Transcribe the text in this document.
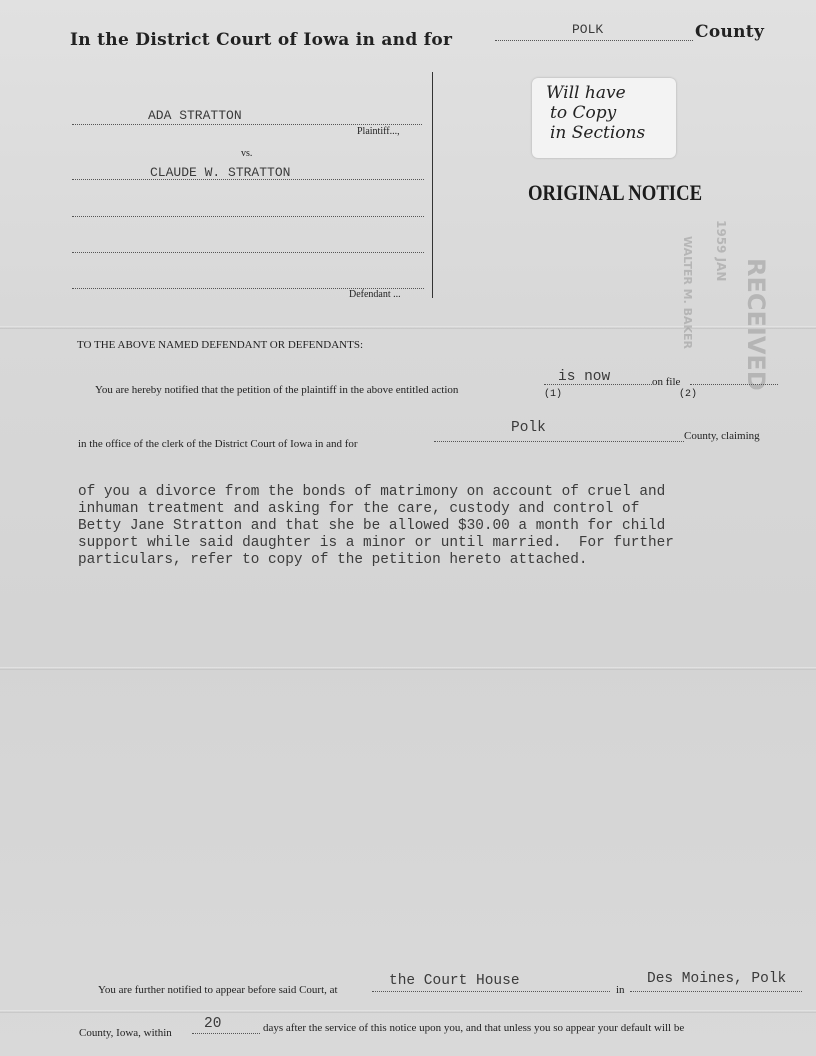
In the District Court of Iowa in and for
POLK	County
ADA STRATTON
Plaintiff...,
vs.
CLAUDE W. STRATTON
Defendant ...
Will have
to Copy
in Sections
ORIGINAL NOTICE
RECEIVED
1959 JAN
WALTER M. BAKER
TO THE ABOVE NAMED DEFENDANT OR DEFENDANTS:
You are hereby notified that the petition of the plaintiff in the above entitled action
is now
(1)
on file
(2)
in the office of the clerk of the District Court of Iowa in and for
Polk	County, claiming
of you a divorce from the bonds of matrimony on account of cruel and
inhuman treatment and asking for the care, custody and control of
Betty Jane Stratton and that she be allowed $30.00 a month for child
support while said daughter is a minor or until married.  For further
particulars, refer to copy of the petition hereto attached.
You are further notified to appear before said Court, at
the Court House
in
Des Moines, Polk
County, Iowa, within
20	days after the service of this notice upon you, and that unless you so appear your default will be
